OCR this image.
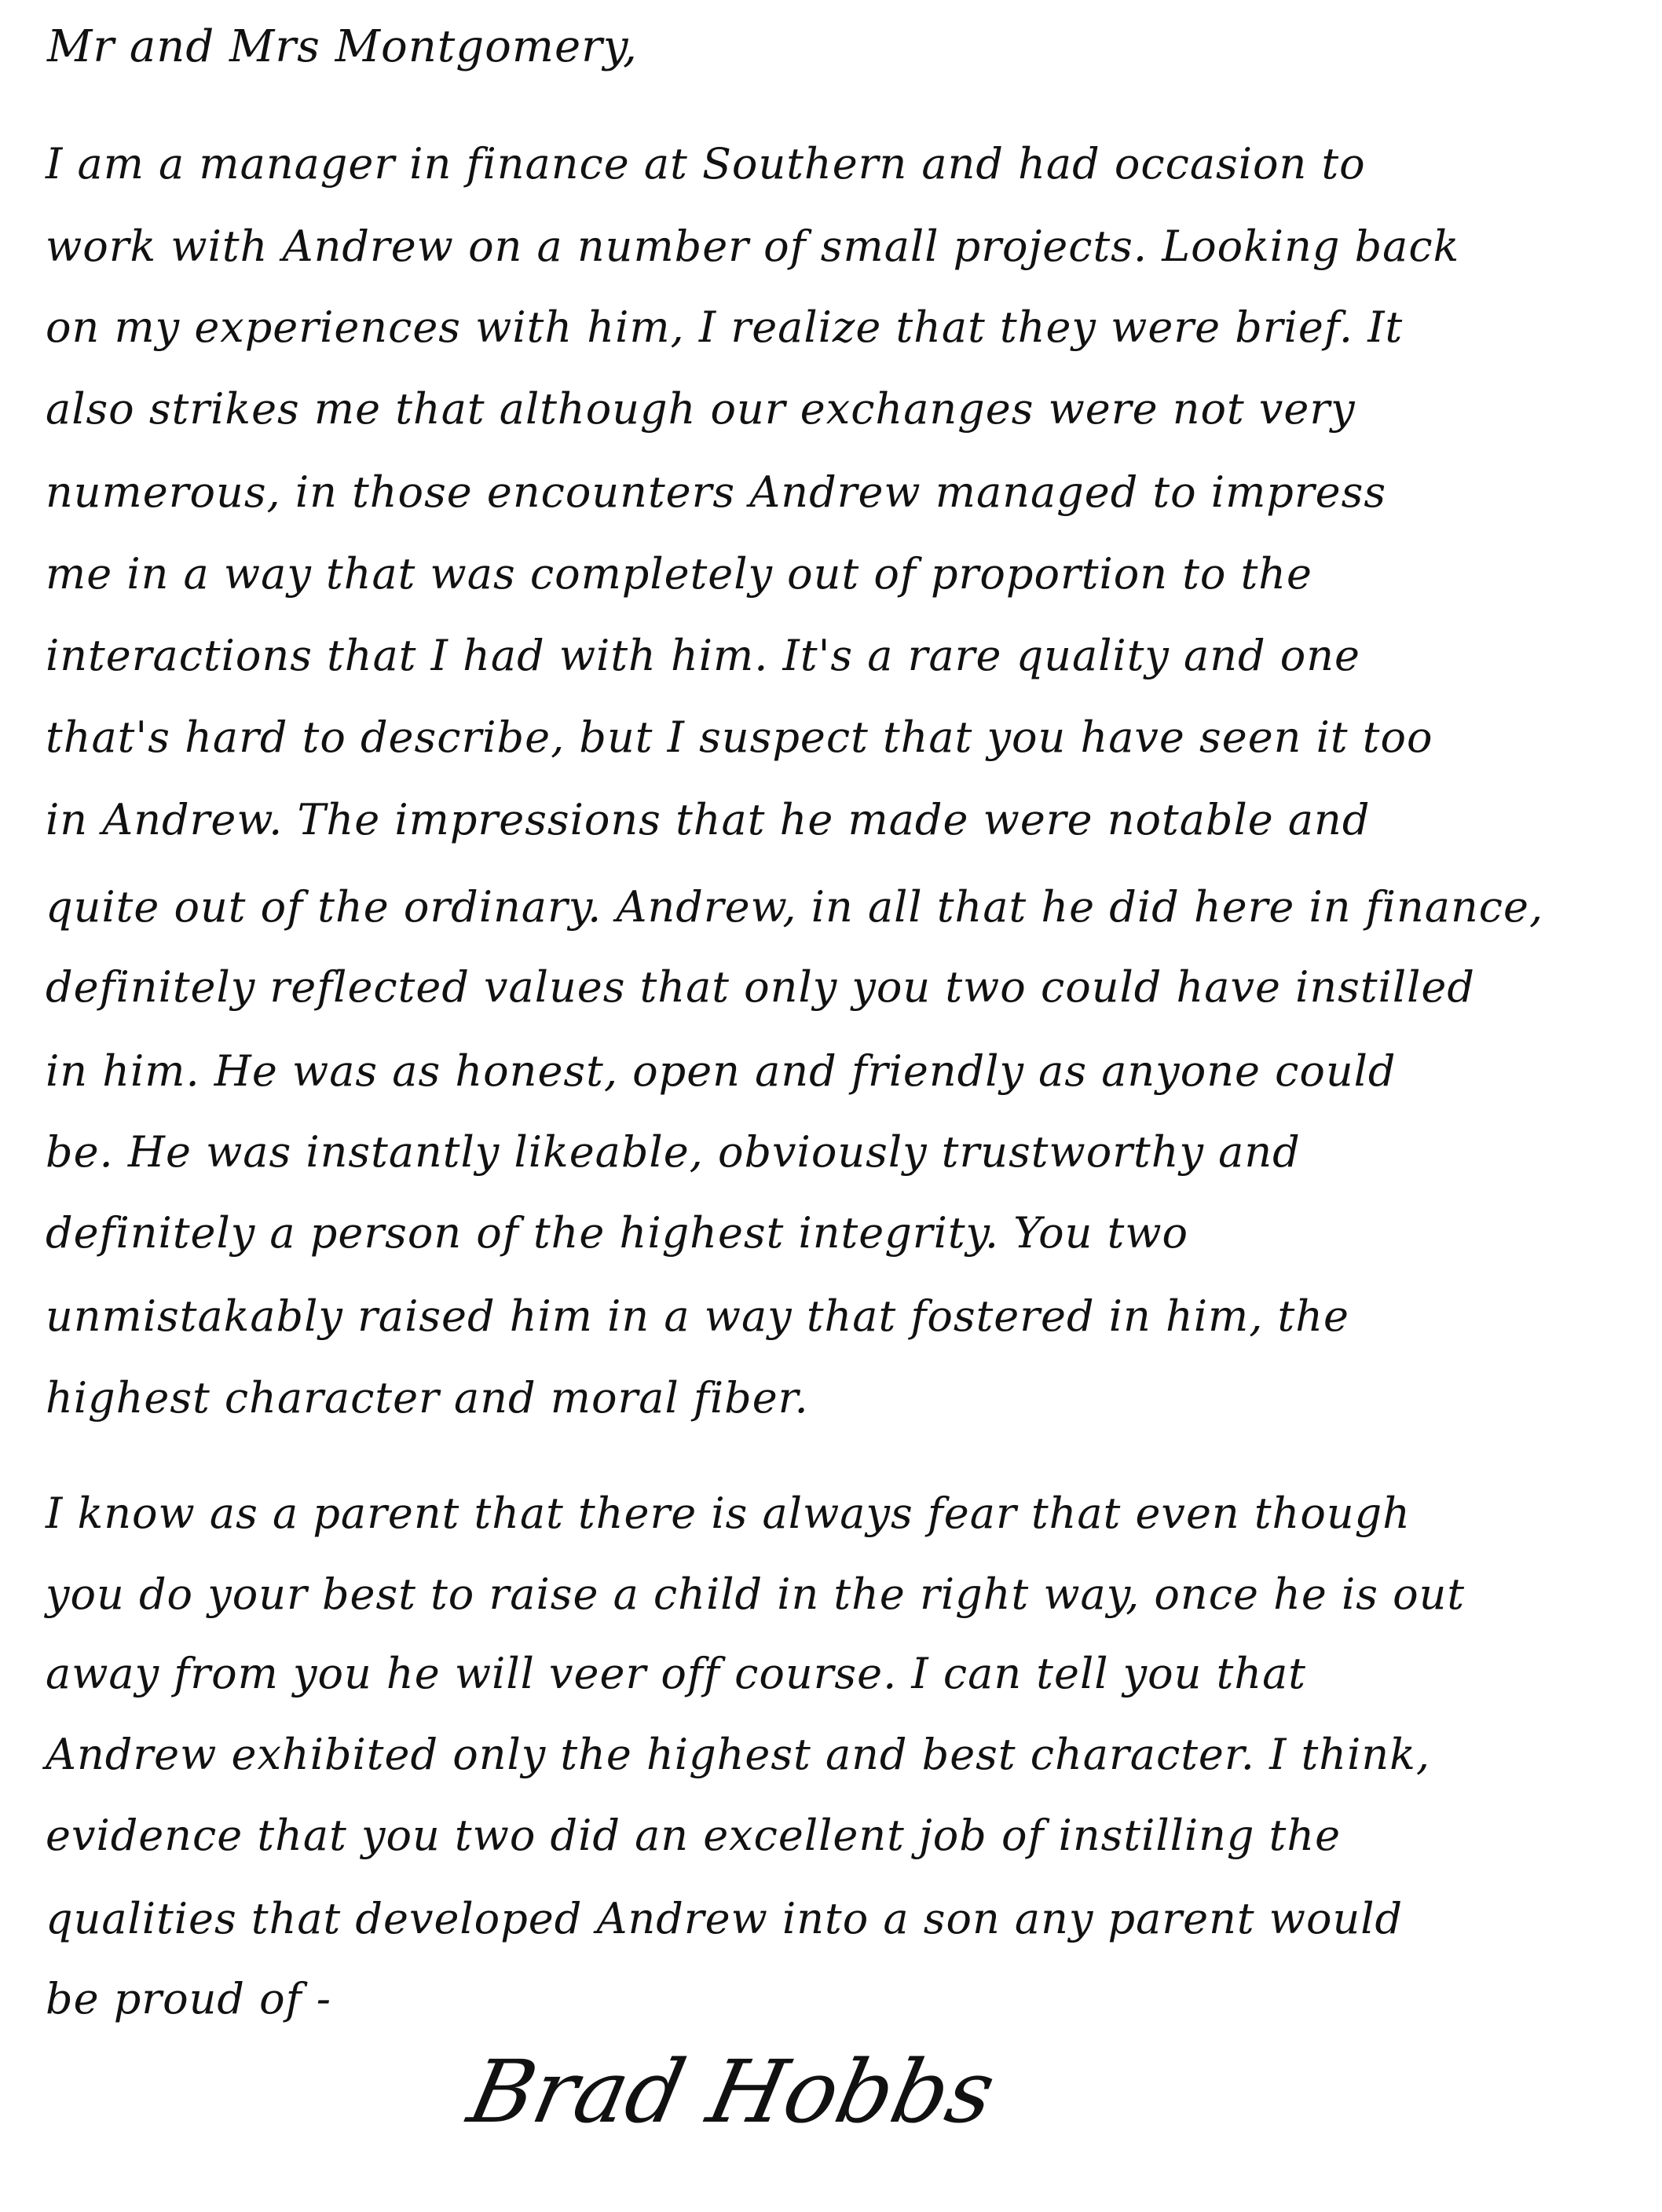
Mr and Mrs Montgomery,
I am a manager in finance at Southern and had occasion to
work with Andrew on a number of small projects. Looking back
on my experiences with him, I realize that they were brief. It
also strikes me that although our exchanges were not very
numerous, in those encounters Andrew managed to impress
me in a way that was completely out of proportion to the
interactions that I had with him. It's a rare quality and one
that's hard to describe, but I suspect that you have seen it too
in Andrew. The impressions that he made were notable and
quite out of the ordinary. Andrew, in all that he did here in finance,
definitely reflected values that only you two could have instilled
in him. He was as honest, open and friendly as anyone could
be. He was instantly likeable, obviously trustworthy and
definitely a person of the highest integrity. You two
unmistakably raised him in a way that fostered in him, the
highest character and moral fiber.
I know as a parent that there is always fear that even though
you do your best to raise a child in the right way, once he is out
away from you he will veer off course. I can tell you that
Andrew exhibited only the highest and best character. I think,
evidence that you two did an excellent job of instilling the
qualities that developed Andrew into a son any parent would
be proud of -
Brad Hobbs
